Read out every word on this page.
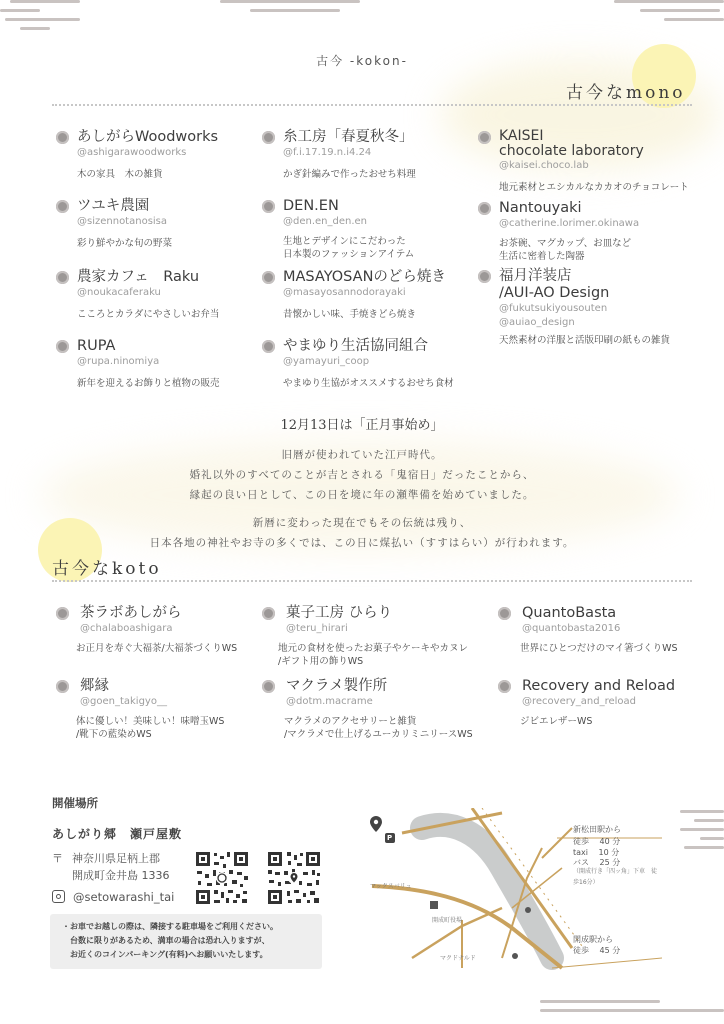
古今 -kokon-
古今なmono
あしがらWoodworks
@ashigarawoodworks
木の家具　木の雑貨
ツユキ農園
@sizennotanosisa
彩り鮮やかな旬の野菜
農家カフェ　Raku
@noukacaferaku
こころとカラダにやさしいお弁当
RUPA
@rupa.ninomiya
新年を迎えるお飾りと植物の販売
糸工房「春夏秋冬」
@f.i.17.19.n.i4.24
かぎ針編みで作ったおせち料理
DEN.EN
@den.en_den.en
生地とデザインにこだわった
日本製のファッションアイテム
MASAYOSANのどら焼き
@masayosannodorayaki
昔懐かしい味、手焼きどら焼き
やまゆり生活協同組合
@yamayuri_coop
やまゆり生協がオススメするおせち食材
KAISEI
chocolate laboratory
@kaisei.choco.lab
地元素材とエシカルなカカオのチョコレート
Nantouyaki
@catherine.lorimer.okinawa
お茶碗、マグカップ、お皿など
生活に密着した陶器
福月洋装店
/AUI-AO Design
@fukutsukiyousouten
@auiao_design
天然素材の洋服と活版印刷の紙もの雑貨
12月13日は「正月事始め」
旧暦が使われていた江戸時代。
婚礼以外のすべてのことが吉とされる「鬼宿日」だったことから、
縁起の良い日として、この日を境に年の瀬準備を始めていました。
新暦に変わった現在でもその伝統は残り、
日本各地の神社やお寺の多くでは、この日に煤払い（すすはらい）が行われます。
古今なkoto
茶ラボあしがら
@chalaboashigara
お正月を寿ぐ大福茶/大福茶づくりWS
郷縁
@goen_takigyo__
体に優しい！美味しい！味噌玉WS
/靴下の藍染めWS
菓子工房 ひらり
@teru_hirari
地元の食材を使ったお菓子やケーキやカヌレ
/ギフト用の飾りWS
マクラメ製作所
@dotm.macrame
マクラメのアクセサリーと雑貨
/マクラメで仕上げるユーカリミニリースWS
QuantoBasta
@quantobasta2016
世界にひとつだけのマイ箸づくりWS
Recovery and Reload
@recovery_and_reload
ジビエレザーWS
開催場所
あしがり郷　瀬戸屋敷
〒 神奈川県足柄上郡
開成町金井島 1336
@setowarashi_tai
・お車でお越しの際は、隣接する駐車場をご利用ください。
　台数に限りがあるため、満車の場合は恐れ入りますが、
　お近くのコインパーキング(有料)へお願いいたします。
P
新松田駅から
徒歩　 40 分
taxi　 10 分
バス　 25 分
（開成行き「四ッ角」下車　徒歩16分）
開成駅から
徒歩　 45 分
マックスバリュ
開成町役場
マクドナルド
